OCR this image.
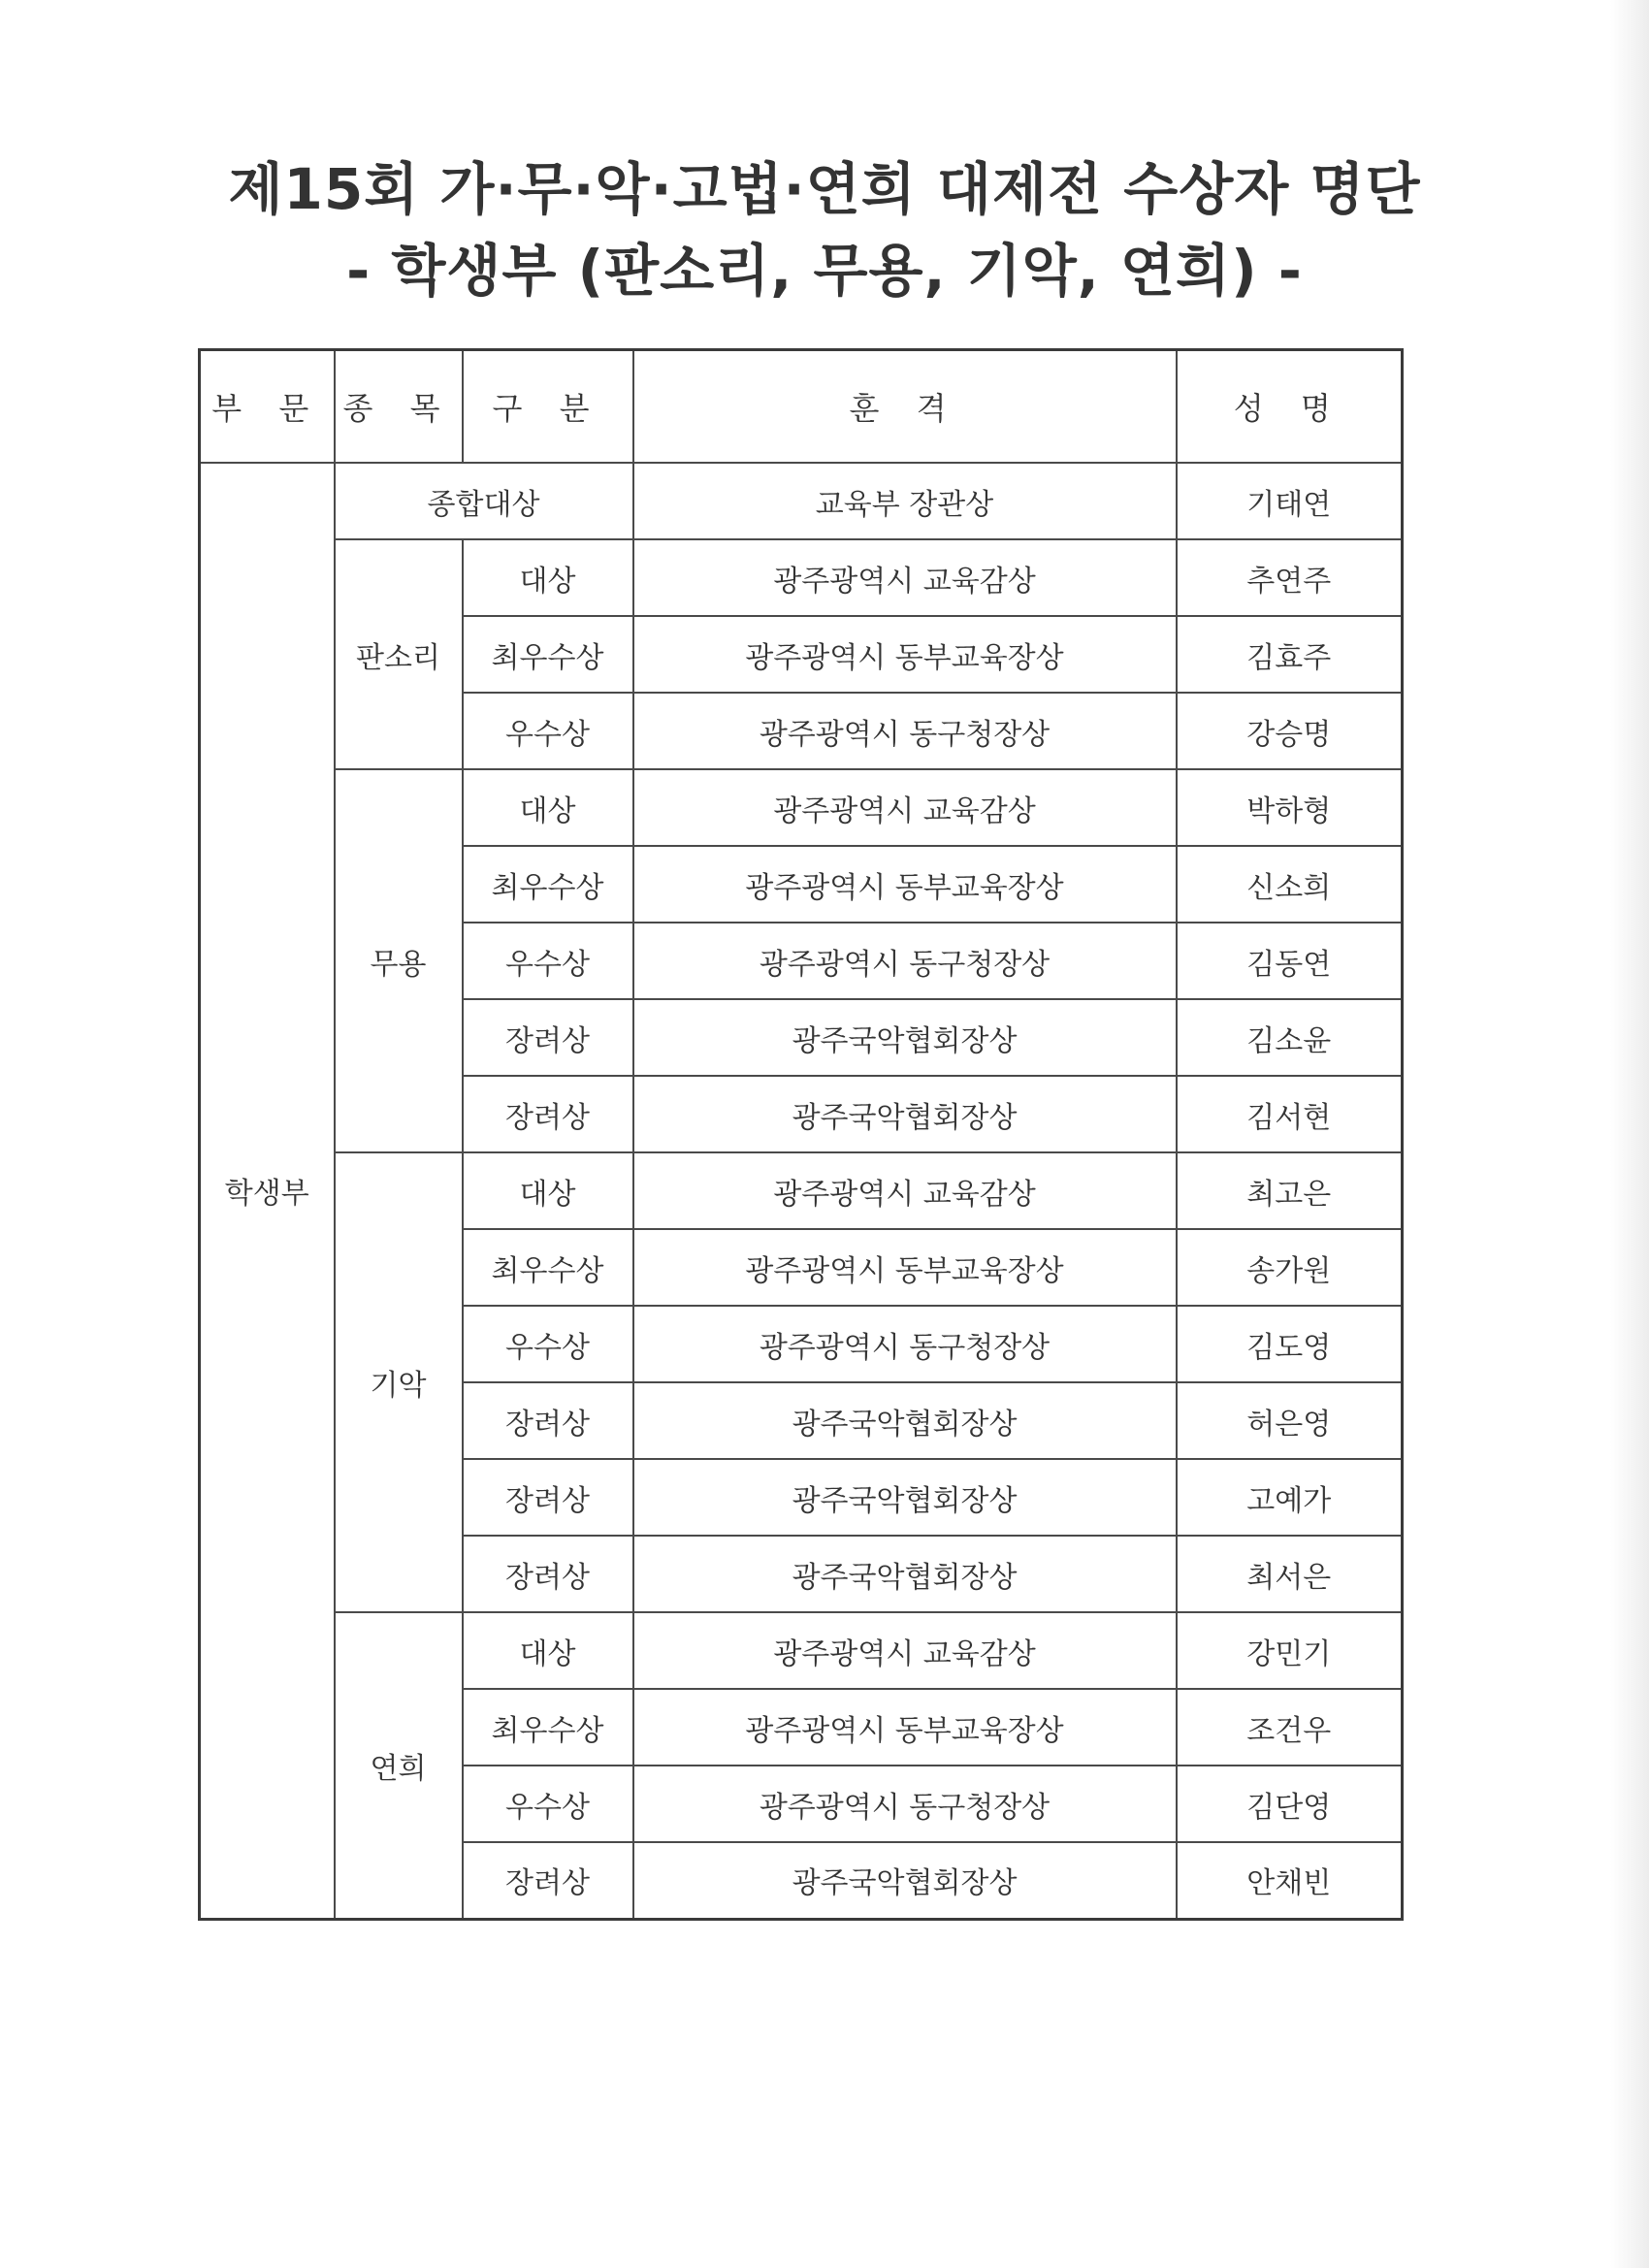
제15회 가·무·악·고법·연희 대제전 수상자 명단
- 학생부 (판소리, 무용, 기악, 연희) -
부 문	종 목	구 분	훈 격	성 명
학생부	종합대상		교육부 장관상	기태연
	판소리	대상	광주광역시 교육감상	추연주
		최우수상	광주광역시 동부교육장상	김효주
		우수상	광주광역시 동구청장상	강승명
	무용	대상	광주광역시 교육감상	박하형
		최우수상	광주광역시 동부교육장상	신소희
		우수상	광주광역시 동구청장상	김동연
		장려상	광주국악협회장상	김소윤
		장려상	광주국악협회장상	김서현
	기악	대상	광주광역시 교육감상	최고은
		최우수상	광주광역시 동부교육장상	송가원
		우수상	광주광역시 동구청장상	김도영
		장려상	광주국악협회장상	허은영
		장려상	광주국악협회장상	고예가
		장려상	광주국악협회장상	최서은
	연희	대상	광주광역시 교육감상	강민기
		최우수상	광주광역시 동부교육장상	조건우
		우수상	광주광역시 동구청장상	김단영
		장려상	광주국악협회장상	안채빈
